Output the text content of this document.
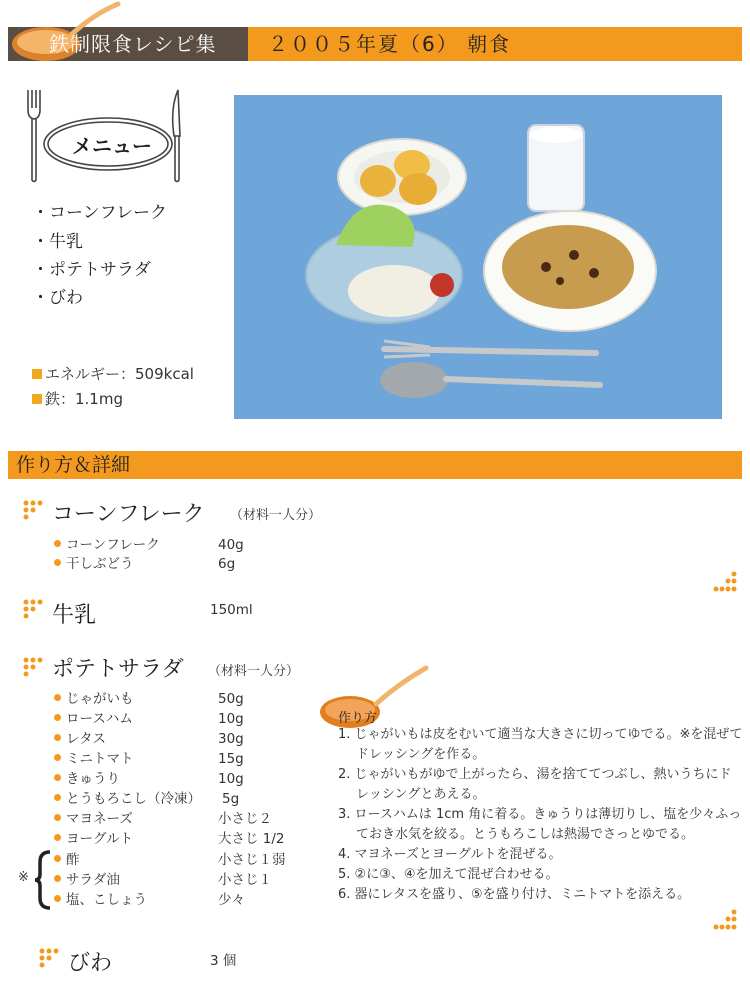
鉄制限食レシピ集	２００５年夏（6） 朝食
メニュー
・コーンフレーク
・牛乳
・ポテトサラダ
・びわ
エネルギー：509kcal
鉄：1.1mg
作り方＆詳細
コーンフレーク （材料一人分）
コーンフレーク	40g
干しぶどう	6g
牛乳	150ml
ポテトサラダ （材料一人分）
じゃがいも	50g
ロースハム	10g
レタス	30g
ミニトマト	15g
きゅうり	10g
とうもろこし（冷凍） 5g
マヨネーズ	小さじ２
ヨーグルト	大さじ 1/2
酢	小さじ１弱
サラダ油	小さじ１
塩、こしょう	少々
※
作り方
1. じゃがいもは皮をむいて適当な大きさに切ってゆでる。※を混ぜてドレッシングを作る。
2. じゃがいもがゆで上がったら、湯を捨ててつぶし、熱いうちにドレッシングとあえる。
3. ロースハムは 1cm 角に着る。きゅうりは薄切りし、塩を少々ふっておき水気を絞る。とうもろこしは熱湯でさっとゆでる。
4. マヨネーズとヨーグルトを混ぜる。
5. ②に③、④を加えて混ぜ合わせる。
6. 器にレタスを盛り、⑤を盛り付け、ミニトマトを添える。
びわ	3 個
